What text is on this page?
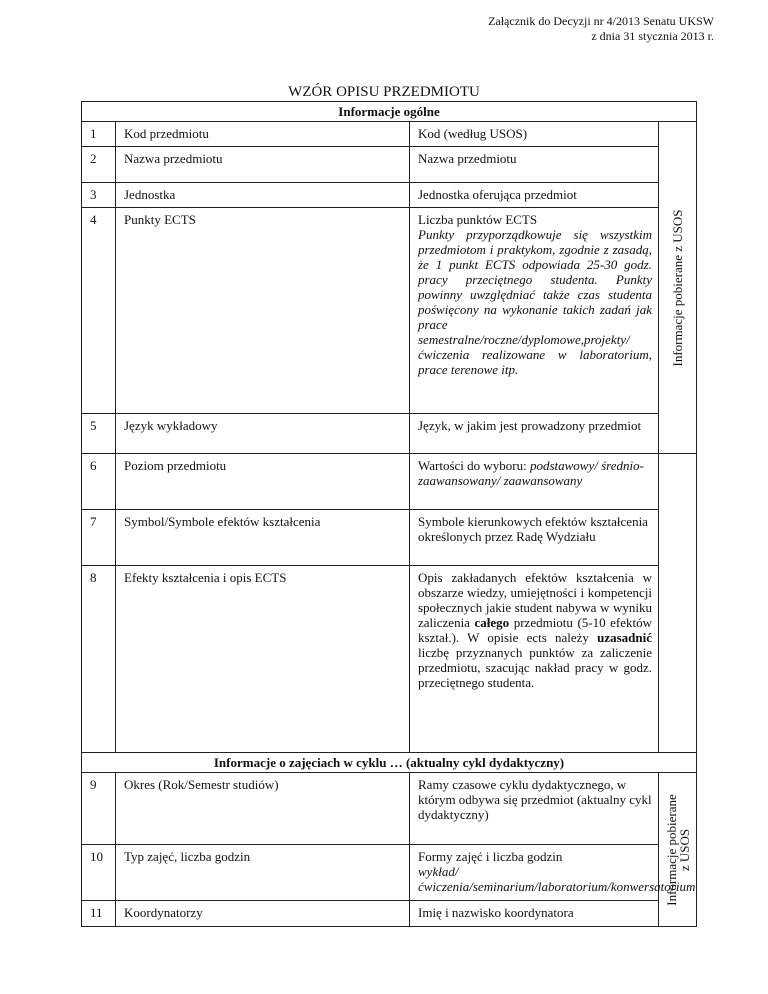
Załącznik do Decyzji nr 4/2013 Senatu UKSW
z dnia 31 stycznia 2013 r.
WZÓR OPISU PRZEDMIOTU
Informacje ogólne			
1	Kod przedmiotu	Kod (według USOS)	Informacje pobierane z USOS

2	Nazwa przedmiotu	Nazwa przedmiotu	
3	Jednostka	Jednostka oferująca przedmiot	
4	Punkty ECTS	Liczba punktów ECTS
Punkty przyporządkowuje się wszystkim przedmiotom i praktykom, zgodnie z zasadą, że 1 punkt ECTS odpowiada 25-30 godz. pracy przeciętnego studenta. Punkty powinny uwzględniać także czas studenta poświęcony na wykonanie takich zadań jak prace semestralne/roczne/dyplomowe,projekty/ćwiczenia realizowane w laboratorium, prace terenowe itp.	
5	Język wykładowy	Język, w jakim jest prowadzony przedmiot	
6	Poziom przedmiotu	Wartości do wyboru: podstawowy/ średnio-zaawansowany/ zaawansowany	
7	Symbol/Symbole efektów kształcenia	Symbole kierunkowych efektów kształcenia określonych przez Radę Wydziału	
8	Efekty kształcenia i opis ECTS	Opis zakładanych efektów kształcenia w obszarze wiedzy, umiejętności i kompetencji społecznych jakie student nabywa w wyniku zaliczenia całego przedmiotu (5-10 efektów kształ.). W opisie ects należy uzasadnić liczbę przyznanych punktów za zaliczenie przedmiotu, szacując nakład pracy w godz. przeciętnego studenta.	
Informacje o zajęciach w cyklu … (aktualny cykl dydaktyczny)			
9	Okres (Rok/Semestr studiów)	Ramy czasowe cyklu dydaktycznego, w którym odbywa się przedmiot (aktualny cykl dydaktyczny)	Informacje pobierane
z USOS

10	Typ zajęć, liczba godzin	Formy zajęć i liczba godzin
wykład/ćwiczenia/seminarium/laboratorium/konwersatorium	
11	Koordynatorzy	Imię i nazwisko koordynatora	
